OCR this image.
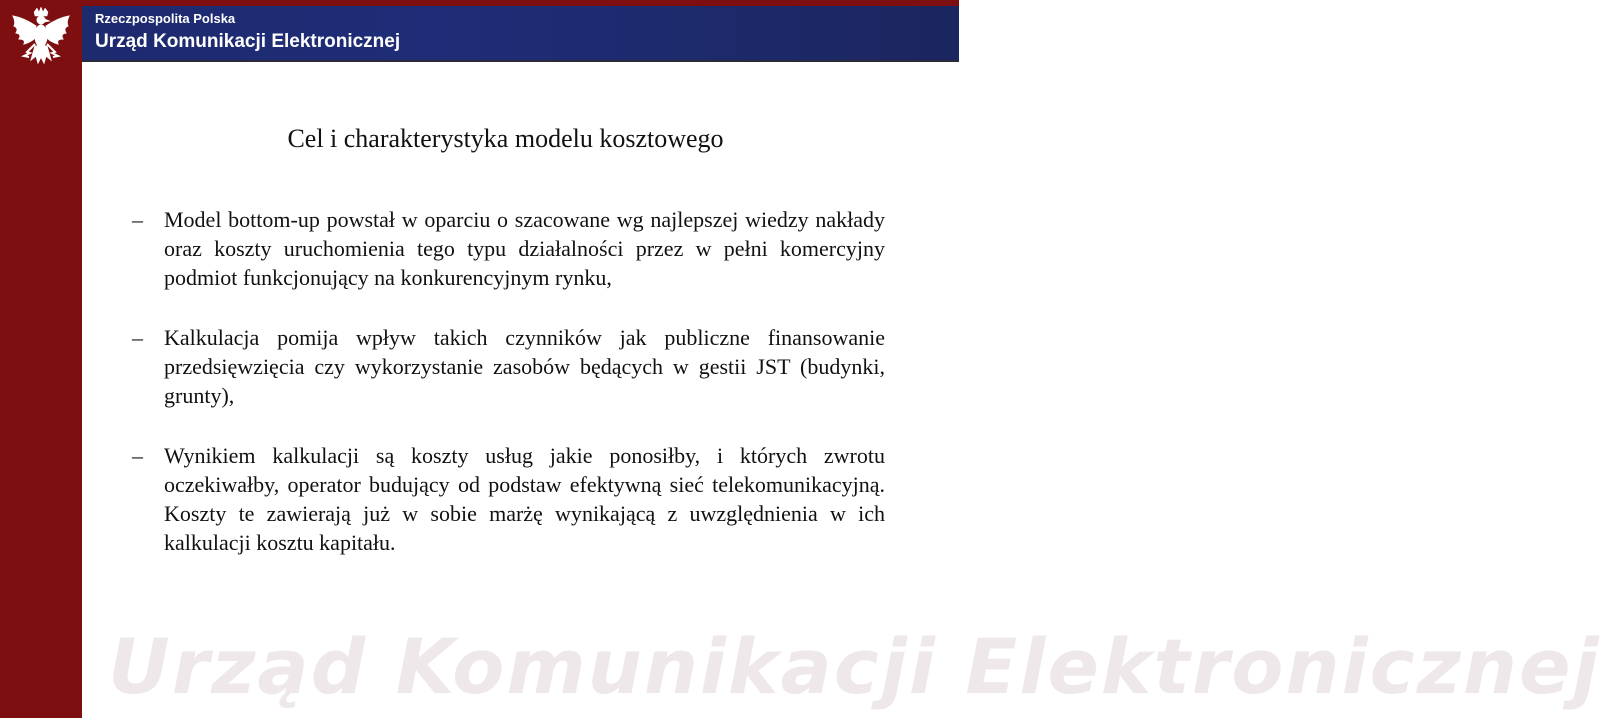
Rzeczpospolita Polska
Urząd Komunikacji Elektronicznej
Urząd Komunikacji Elektronicznej
Cel i charakterystyka modelu kosztowego
– Model bottom-up powstał w oparciu o szacowane wg najlepszej wiedzy nakłady oraz koszty uruchomienia tego typu działalności przez w pełni komercyjny podmiot funkcjonujący na konkurencyjnym rynku,
– Kalkulacja pomija wpływ takich czynników jak publiczne finansowanie przedsięwzięcia czy wykorzystanie zasobów będących w gestii JST (budynki, grunty),
– Wynikiem kalkulacji są koszty usług jakie ponosiłby, i których zwrotu oczekiwałby, operator budujący od podstaw efektywną sieć telekomunikacyjną. Koszty te zawierają już w sobie marżę wynikającą z uwzględnienia w ich kalkulacji kosztu kapitału.
